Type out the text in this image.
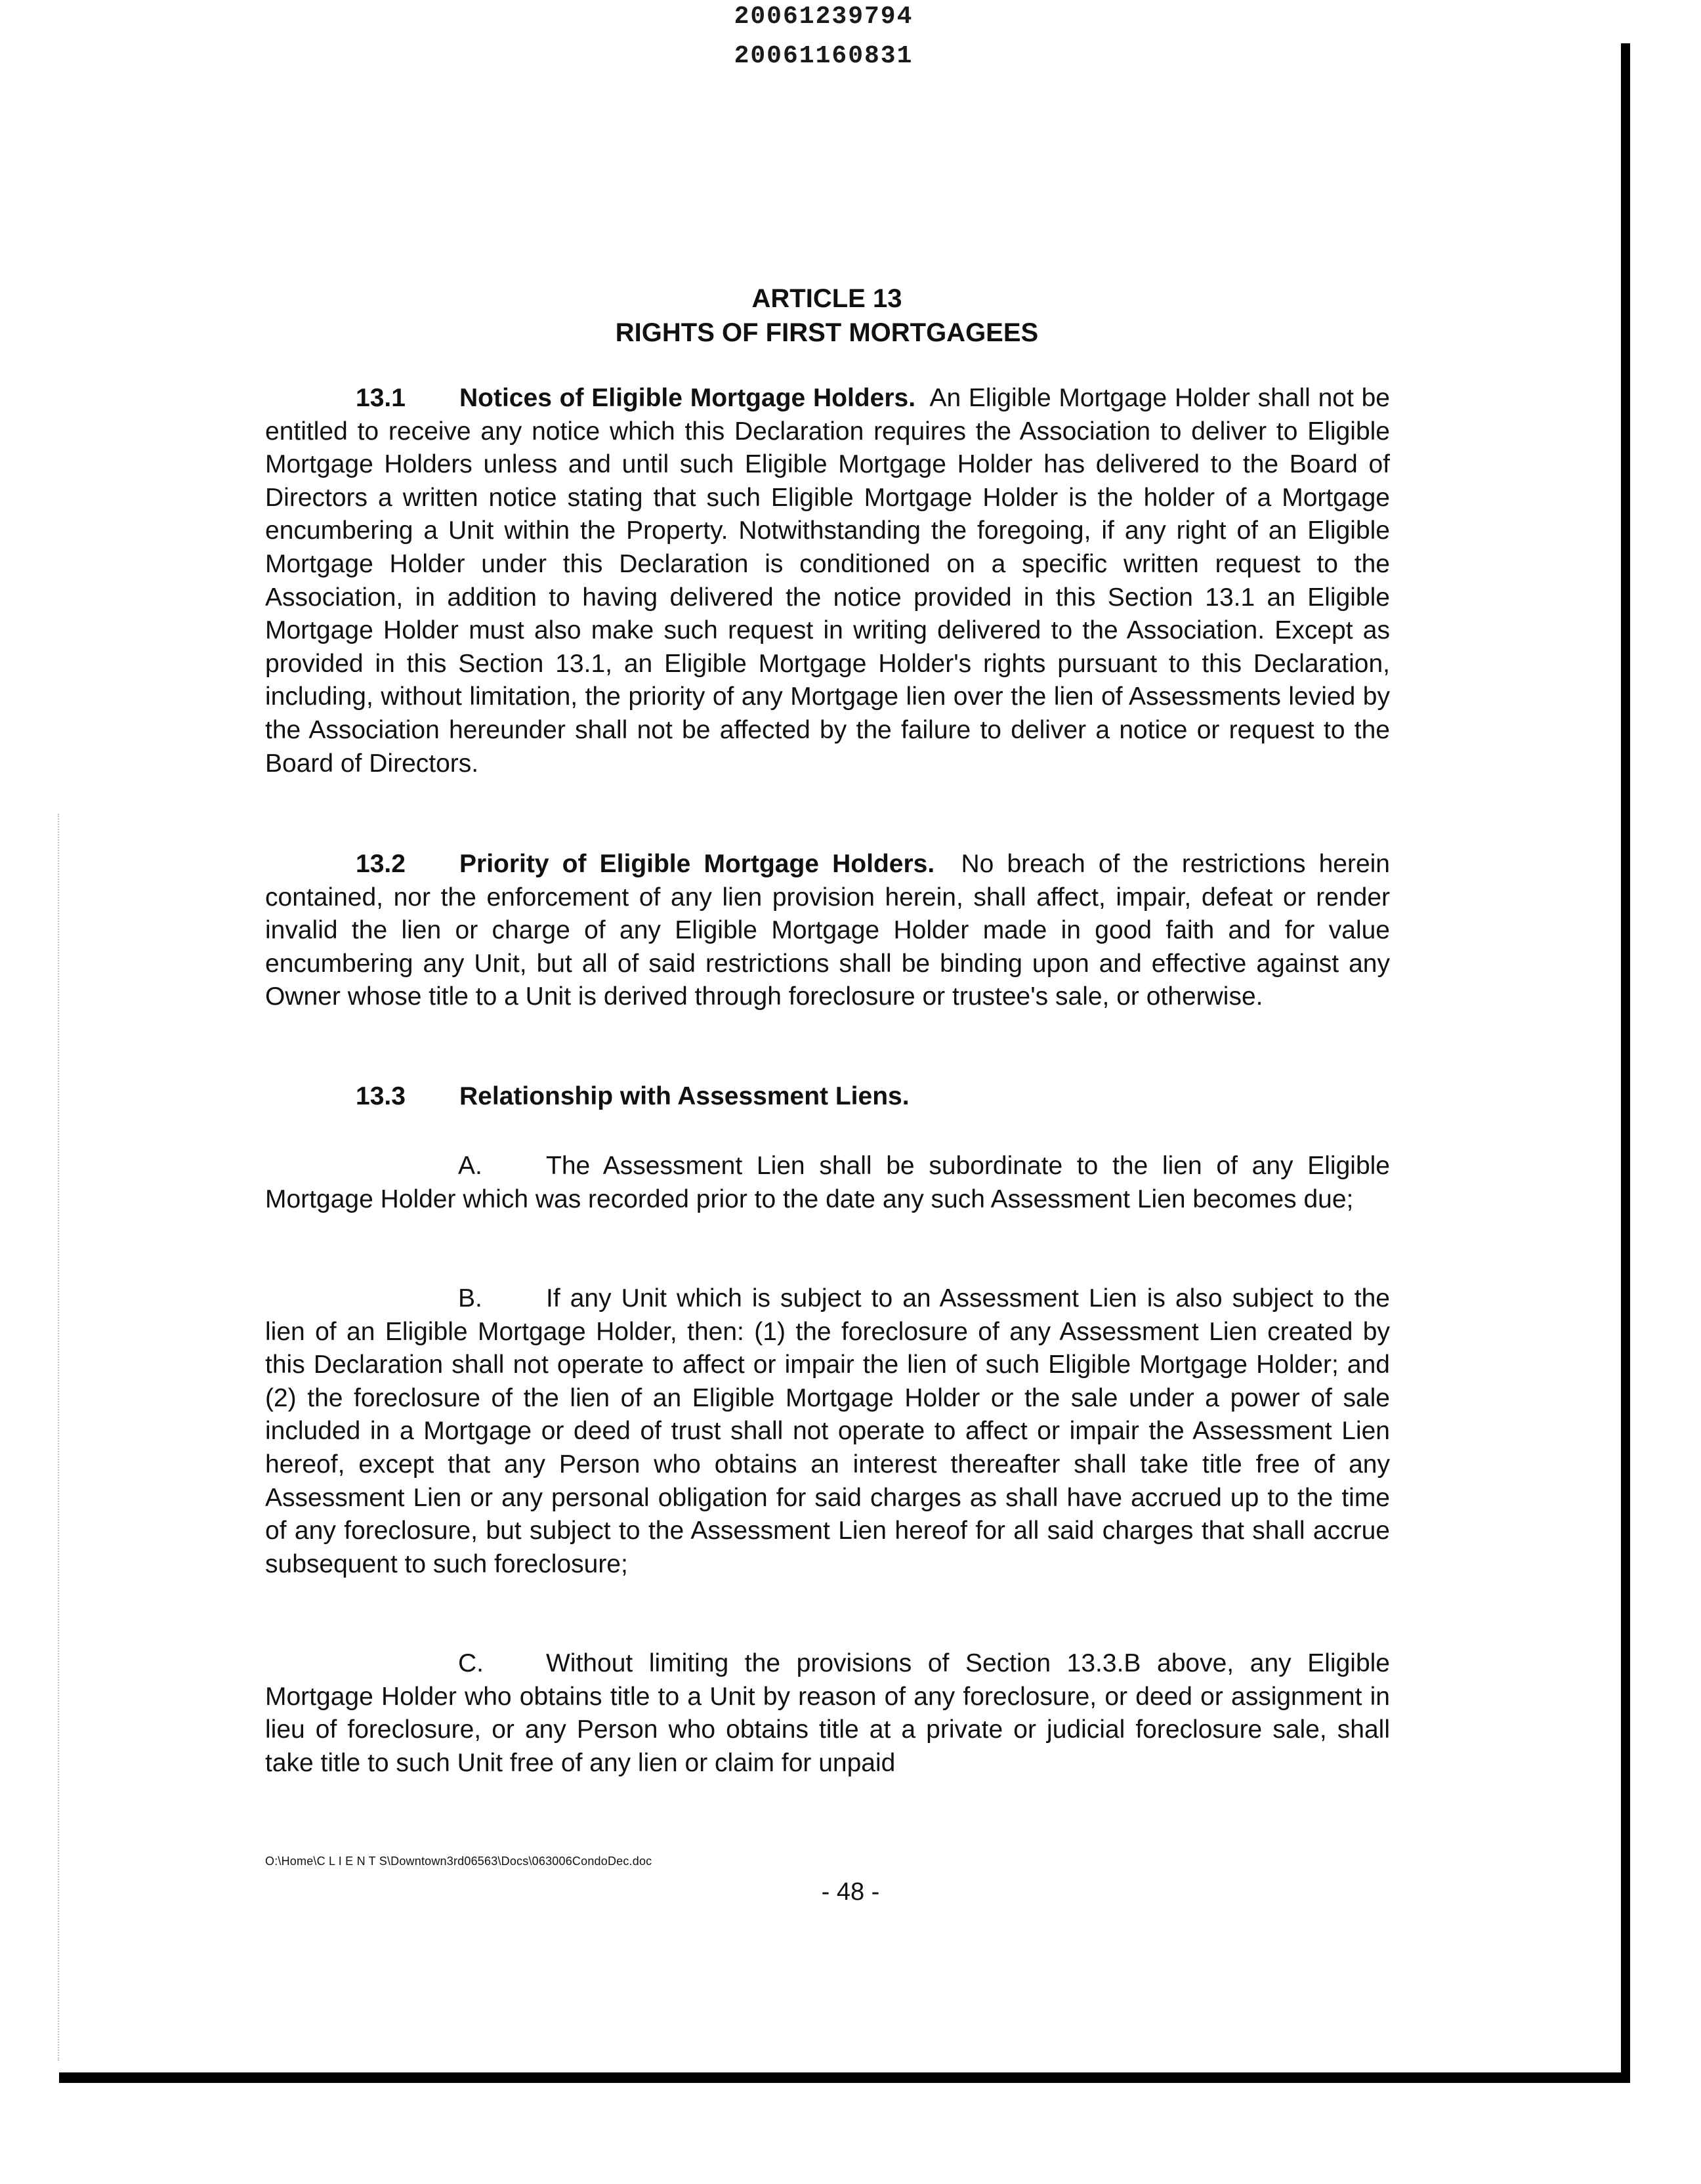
20061239794
20061160831
ARTICLE 13
RIGHTS OF FIRST MORTGAGEES

13.1 Notices of Eligible Mortgage Holders. An Eligible Mortgage Holder shall not be entitled to receive any notice which this Declaration requires the Association to deliver to Eligible Mortgage Holders unless and until such Eligible Mortgage Holder has delivered to the Board of Directors a written notice stating that such Eligible Mortgage Holder is the holder of a Mortgage encumbering a Unit within the Property. Notwithstanding the foregoing, if any right of an Eligible Mortgage Holder under this Declaration is conditioned on a specific written request to the Association, in addition to having delivered the notice provided in this Section 13.1 an Eligible Mortgage Holder must also make such request in writing delivered to the Association. Except as provided in this Section 13.1, an Eligible Mortgage Holder's rights pursuant to this Declaration, including, without limitation, the priority of any Mortgage lien over the lien of Assessments levied by the Association hereunder shall not be affected by the failure to deliver a notice or request to the Board of Directors.

13.2 Priority of Eligible Mortgage Holders. No breach of the restrictions herein contained, nor the enforcement of any lien provision herein, shall affect, impair, defeat or render invalid the lien or charge of any Eligible Mortgage Holder made in good faith and for value encumbering any Unit, but all of said restrictions shall be binding upon and effective against any Owner whose title to a Unit is derived through foreclosure or trustee's sale, or otherwise.

13.3 Relationship with Assessment Liens.

A. The Assessment Lien shall be subordinate to the lien of any Eligible Mortgage Holder which was recorded prior to the date any such Assessment Lien becomes due;

B. If any Unit which is subject to an Assessment Lien is also subject to the lien of an Eligible Mortgage Holder, then: (1) the foreclosure of any Assessment Lien created by this Declaration shall not operate to affect or impair the lien of such Eligible Mortgage Holder; and (2) the foreclosure of the lien of an Eligible Mortgage Holder or the sale under a power of sale included in a Mortgage or deed of trust shall not operate to affect or impair the Assessment Lien hereof, except that any Person who obtains an interest thereafter shall take title free of any Assessment Lien or any personal obligation for said charges as shall have accrued up to the time of any foreclosure, but subject to the Assessment Lien hereof for all said charges that shall accrue subsequent to such foreclosure;

C. Without limiting the provisions of Section 13.3.B above, any Eligible Mortgage Holder who obtains title to a Unit by reason of any foreclosure, or deed or assignment in lieu of foreclosure, or any Person who obtains title at a private or judicial foreclosure sale, shall take title to such Unit free of any lien or claim for unpaid

O:\Home\C L I E N T S\Downtown3rd06563\Docs\063006CondoDec.doc
- 48 -
